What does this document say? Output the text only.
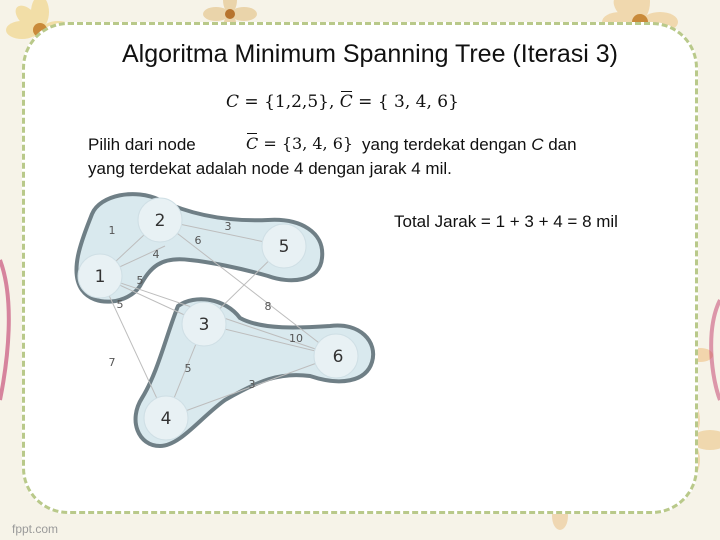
Algoritma Minimum Spanning Tree (Iterasi 3)
C = {1,2,5}, C = { 3, 4, 6}
Pilih dari node	C = {3, 4, 6} yang terdekat dengan C dan
yang terdekat adalah node 4 dengan jarak 4 mil.
Total Jarak = 1 + 3 + 4 = 8 mil
1
2
3
4
5
6
1	3
6
4
5
5	8
10
7	5
3
fppt.com
